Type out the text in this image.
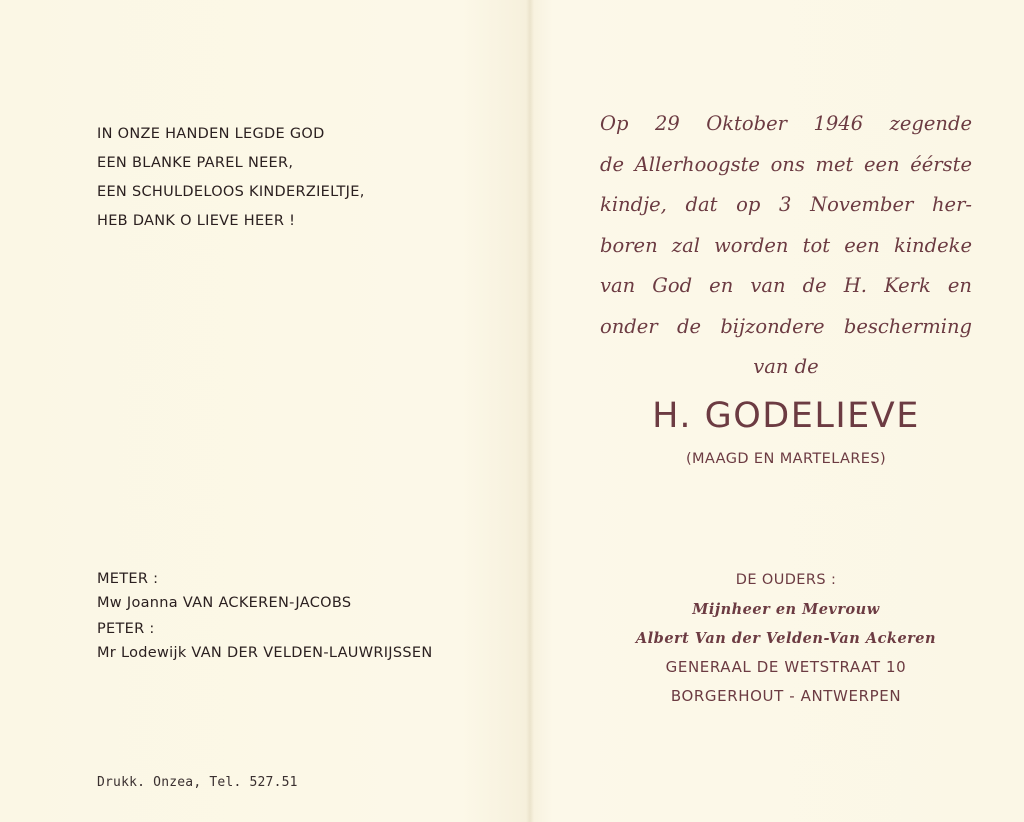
IN ONZE HANDEN LEGDE GOD
EEN BLANKE PAREL NEER,
EEN SCHULDELOOS KINDERZIELTJE,
HEB DANK O LIEVE HEER !
METER :
Mw Joanna VAN ACKEREN-JACOBS
PETER :
Mr Lodewijk VAN DER VELDEN-LAUWRIJSSEN
Drukk. Onzea, Tel. 527.51
Op 29 Oktober 1946 zegende
de Allerhoogste ons met een éérste
kindje, dat op 3 November her-
boren zal worden tot een kindeke
van God en van de H. Kerk en
onder de bijzondere bescherming
van de
H. GODELIEVE
(MAAGD EN MARTELARES)
DE OUDERS :
Mijnheer en Mevrouw
Albert Van der Velden-Van Ackeren
GENERAAL DE WETSTRAAT 10
BORGERHOUT - ANTWERPEN
